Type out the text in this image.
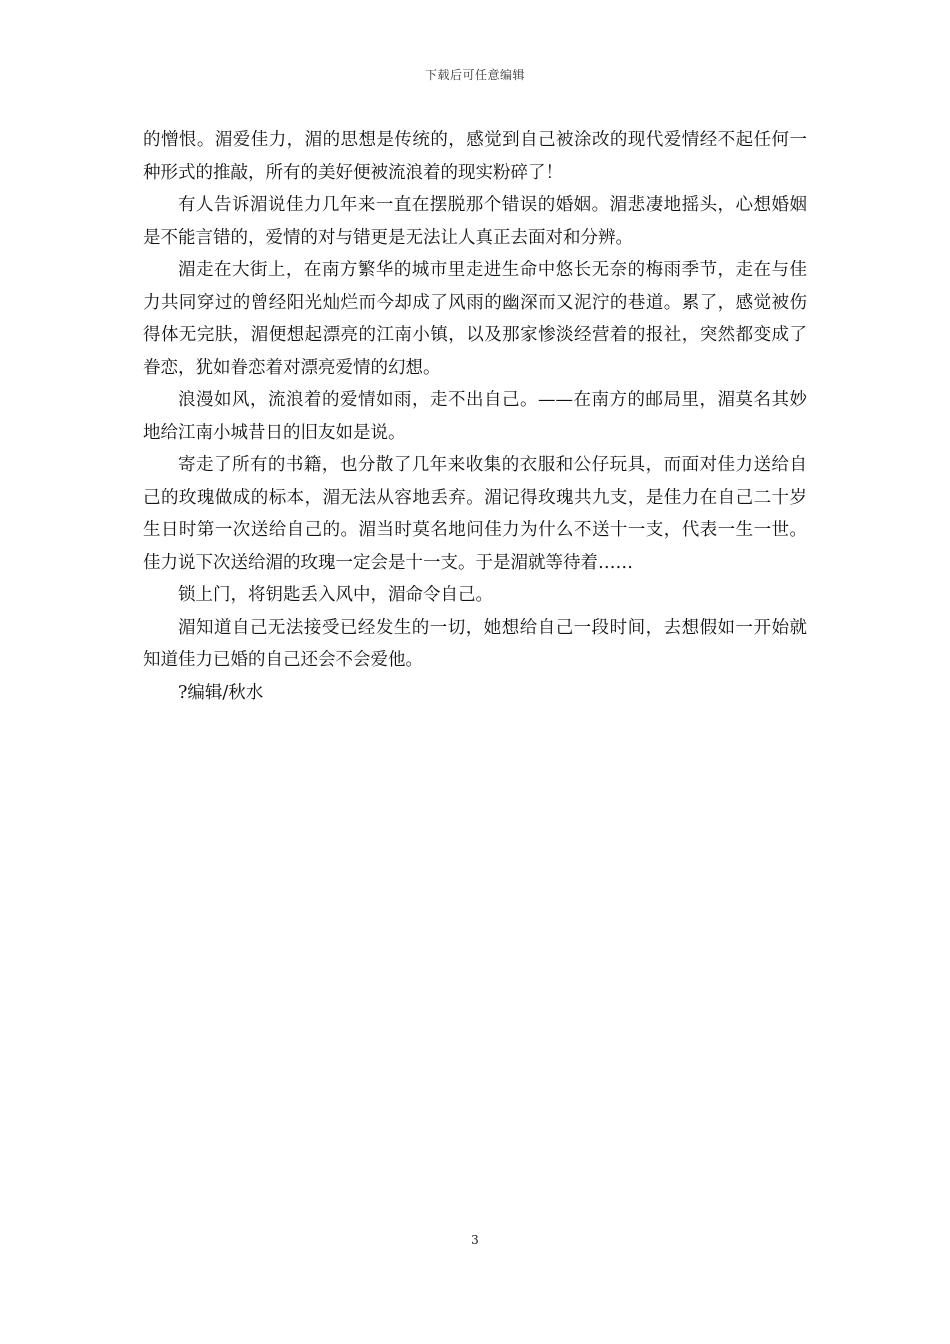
下载后可任意编辑

的憎恨。湄爱佳力，湄的思想是传统的，感觉到自己被涂改的现代爱情经不起任何一种形式的推敲，所有的美好便被流浪着的现实粉碎了！

有人告诉湄说佳力几年来一直在摆脱那个错误的婚姻。湄悲凄地摇头，心想婚姻是不能言错的，爱情的对与错更是无法让人真正去面对和分辨。

湄走在大街上，在南方繁华的城市里走进生命中悠长无奈的梅雨季节，走在与佳力共同穿过的曾经阳光灿烂而今却成了风雨的幽深而又泥泞的巷道。累了，感觉被伤得体无完肤，湄便想起漂亮的江南小镇，以及那家惨淡经营着的报社，突然都变成了眷恋，犹如眷恋着对漂亮爱情的幻想。

浪漫如风，流浪着的爱情如雨，走不出自己。——在南方的邮局里，湄莫名其妙地给江南小城昔日的旧友如是说。

寄走了所有的书籍，也分散了几年来收集的衣服和公仔玩具，而面对佳力送给自己的玫瑰做成的标本，湄无法从容地丢弃。湄记得玫瑰共九支，是佳力在自己二十岁生日时第一次送给自己的。湄当时莫名地问佳力为什么不送十一支，代表一生一世。佳力说下次送给湄的玫瑰一定会是十一支。于是湄就等待着……

锁上门，将钥匙丢入风中，湄命令自己。

湄知道自己无法接受已经发生的一切，她想给自己一段时间，去想假如一开始就知道佳力已婚的自己还会不会爱他。

?编辑/秋水

3
